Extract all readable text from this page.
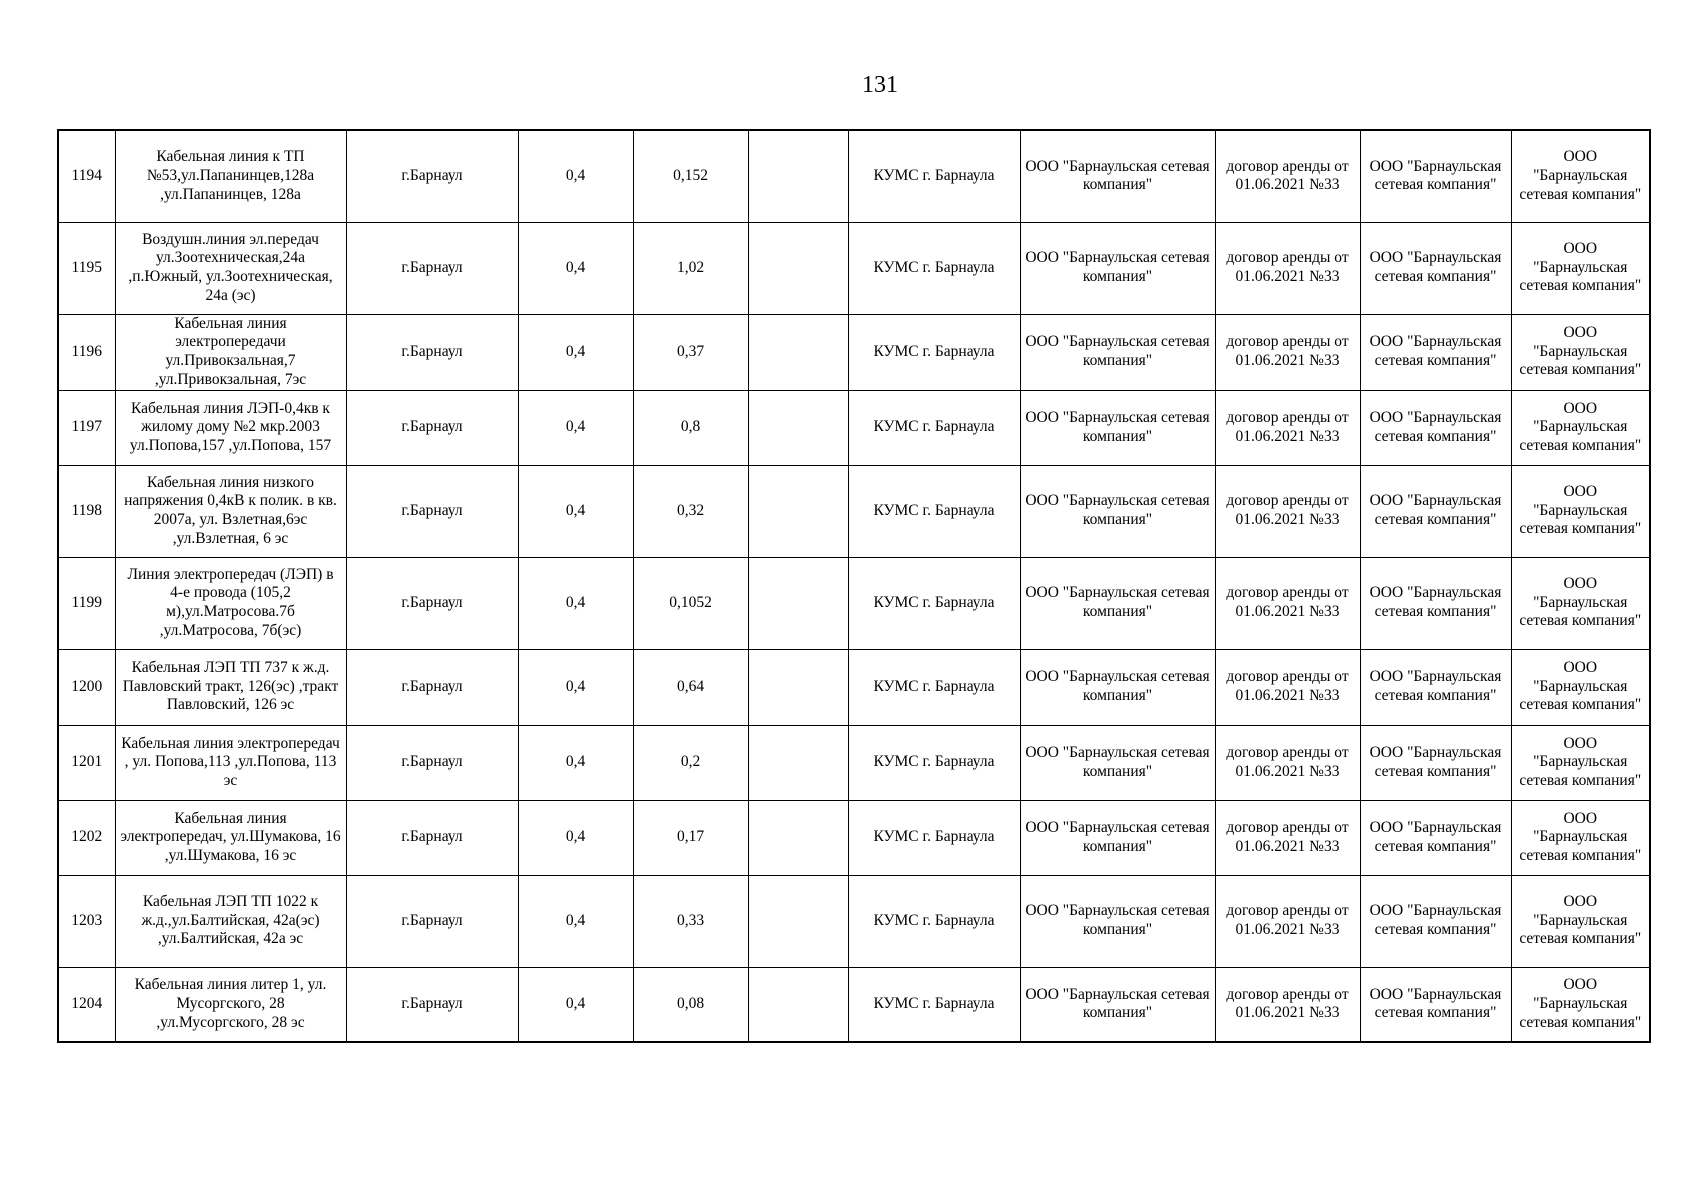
131
1194	Кабельная линия к ТП №53,ул.Папанинцев,128а ,ул.Папанинцев, 128а	г.Барнаул	0,4	0,152		КУМС г. Барнаула	ООО "Барнаульская сетевая компания"	договор аренды от 01.06.2021 №33	ООО "Барнаульская сетевая компания"	ООО "Барнаульская сетевая компания"
1195	Воздушн.линия эл.передач ул.Зоотехническая,24а ,п.Южный, ул.Зоотехническая, 24а (эс)	г.Барнаул	0,4	1,02		КУМС г. Барнаула	ООО "Барнаульская сетевая компания"	договор аренды от 01.06.2021 №33	ООО "Барнаульская сетевая компания"	ООО "Барнаульская сетевая компания"
1196	Кабельная линия электропередачи ул.Привокзальная,7 ,ул.Привокзальная, 7эс	г.Барнаул	0,4	0,37		КУМС г. Барнаула	ООО "Барнаульская сетевая компания"	договор аренды от 01.06.2021 №33	ООО "Барнаульская сетевая компания"	ООО "Барнаульская сетевая компания"
1197	Кабельная линия ЛЭП-0,4кв к жилому дому №2 мкр.2003 ул.Попова,157 ,ул.Попова, 157	г.Барнаул	0,4	0,8		КУМС г. Барнаула	ООО "Барнаульская сетевая компания"	договор аренды от 01.06.2021 №33	ООО "Барнаульская сетевая компания"	ООО "Барнаульская сетевая компания"
1198	Кабельная линия низкого напряжения 0,4кВ к полик. в кв. 2007а, ул. Взлетная,6эс ,ул.Взлетная, 6 эс	г.Барнаул	0,4	0,32		КУМС г. Барнаула	ООО "Барнаульская сетевая компания"	договор аренды от 01.06.2021 №33	ООО "Барнаульская сетевая компания"	ООО "Барнаульская сетевая компания"
1199	Линия электропередач (ЛЭП) в 4-е провода (105,2 м),ул.Матросова.7б ,ул.Матросова, 7б(эс)	г.Барнаул	0,4	0,1052		КУМС г. Барнаула	ООО "Барнаульская сетевая компания"	договор аренды от 01.06.2021 №33	ООО "Барнаульская сетевая компания"	ООО "Барнаульская сетевая компания"
1200	Кабельная ЛЭП ТП 737 к ж.д. Павловский тракт, 126(эс) ,тракт Павловский, 126 эс	г.Барнаул	0,4	0,64		КУМС г. Барнаула	ООО "Барнаульская сетевая компания"	договор аренды от 01.06.2021 №33	ООО "Барнаульская сетевая компания"	ООО "Барнаульская сетевая компания"
1201	Кабельная линия электропередач , ул. Попова,113 ,ул.Попова, 113 эс	г.Барнаул	0,4	0,2		КУМС г. Барнаула	ООО "Барнаульская сетевая компания"	договор аренды от 01.06.2021 №33	ООО "Барнаульская сетевая компания"	ООО "Барнаульская сетевая компания"
1202	Кабельная линия электропередач, ул.Шумакова, 16 ,ул.Шумакова, 16 эс	г.Барнаул	0,4	0,17		КУМС г. Барнаула	ООО "Барнаульская сетевая компания"	договор аренды от 01.06.2021 №33	ООО "Барнаульская сетевая компания"	ООО "Барнаульская сетевая компания"
1203	Кабельная ЛЭП ТП 1022 к ж.д.,ул.Балтийская, 42а(эс) ,ул.Балтийская, 42а эс	г.Барнаул	0,4	0,33		КУМС г. Барнаула	ООО "Барнаульская сетевая компания"	договор аренды от 01.06.2021 №33	ООО "Барнаульская сетевая компания"	ООО "Барнаульская сетевая компания"
1204	Кабельная линия литер 1, ул. Мусоргского, 28 ,ул.Мусоргского, 28 эс	г.Барнаул	0,4	0,08		КУМС г. Барнаула	ООО "Барнаульская сетевая компания"	договор аренды от 01.06.2021 №33	ООО "Барнаульская сетевая компания"	ООО "Барнаульская сетевая компания"
